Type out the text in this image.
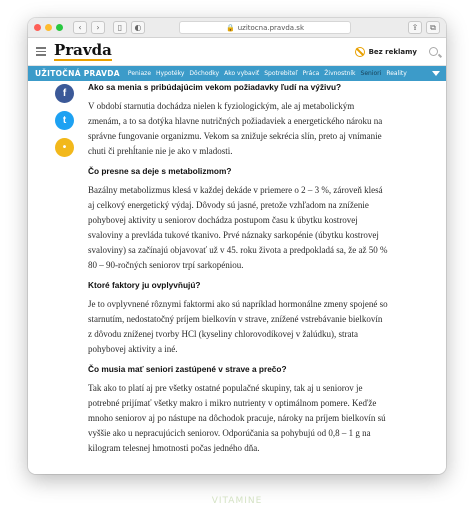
‹	›	▯	◐	🔒 uzitocna.pravda.sk	⇪	⧉
Pravda	Bez reklamy
UŽITOČNÁ PRAVDA Peniaze Hypotéky Dôchodky Ako vybaviť Spotrebiteľ Práca Živnostník Seniori Reality
f
t
•
Ako sa menia s pribúdajúcim vekom požiadavky ľudí na výživu?

V období starnutia dochádza nielen k fyziologickým, ale aj metabolickým zmenám, a to sa dotýka hlavne nutričných požiadaviek a energetického nároku na správne fungovanie organizmu. Vekom sa znižuje sekrécia slín, preto aj vnímanie chuti či prehĺtanie nie je ako v mladosti.

Čo presne sa deje s metabolizmom?

Bazálny metabolizmus klesá v každej dekáde v priemere o 2 – 3 %, zároveň klesá aj celkový energetický výdaj. Dôvody sú jasné, pretože vzhľadom na zníženie pohybovej aktivity u seniorov dochádza postupom času k úbytku kostrovej svaloviny a prevláda tukové tkanivo. Prvé náznaky sarkopénie (úbytku kostrovej svaloviny) sa začínajú objavovať už v 45. roku života a predpokladá sa, že až 50 % 80 – 90-ročných seniorov trpí sarkopéniou.

Ktoré faktory ju ovplyvňujú?

Je to ovplyvnené rôznymi faktormi ako sú napríklad hormonálne zmeny spojené so starnutím, nedostatočný príjem bielkovín v strave, znížené vstrebávanie bielkovín z dôvodu zníženej tvorby HCl (kyseliny chlorovodíkovej v žalúdku), strata pohybovej aktivity a iné.

Čo musia mať seniori zastúpené v strave a prečo?

Tak ako to platí aj pre všetky ostatné populačné skupiny, tak aj u seniorov je potrebné prijímať všetky makro i mikro nutrienty v optimálnom pomere. Keďže mnoho seniorov aj po nástupe na dôchodok pracuje, nároky na príjem bielkovín sú vyššie ako u nepracujúcich seniorov. Odporúčania sa pohybujú od 0,8 – 1 g na kilogram telesnej hmotnosti počas jedného dňa.

VITAMINE
